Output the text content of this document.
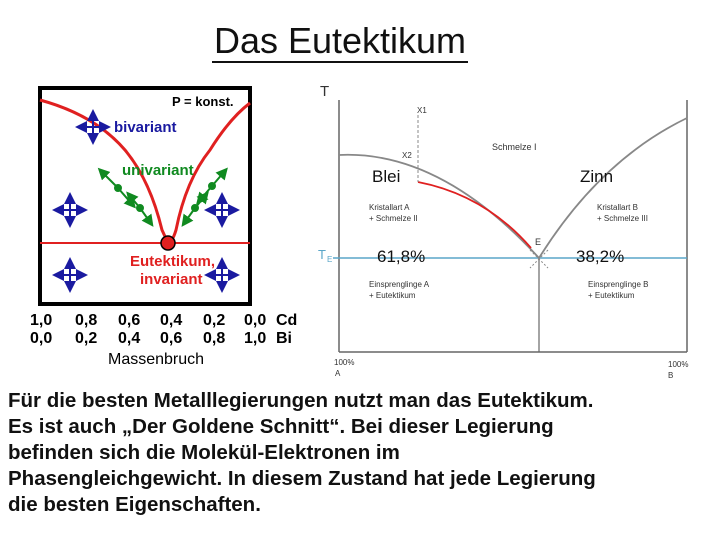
Das Eutektikum
P = konst.
bivariant
univariant
Eutektikum,
invariant
1,0 0,8 0,6 0,4 0,2 0,0 Cd
0,0 0,2 0,4 0,6 0,8 1,0 Bi
Massenbruch
T
T E
X1
X2
Schmelze I
Blei	Zinn
Kristallart A
+ Schmelze II
Kristallart B
+ Schmelze III
E
61,8%	38,2%
Einsprenglinge A
+ Eutektikum
Einsprenglinge B
+ Eutektikum
100%
A
100%
B
Für die besten Metalllegierungen nutzt man das Eutektikum.
Es ist auch „Der Goldene Schnitt“. Bei dieser Legierung
befinden sich die Molekül-Elektronen im
Phasengleichgewicht. In diesem Zustand hat jede Legierung
die besten Eigenschaften.
